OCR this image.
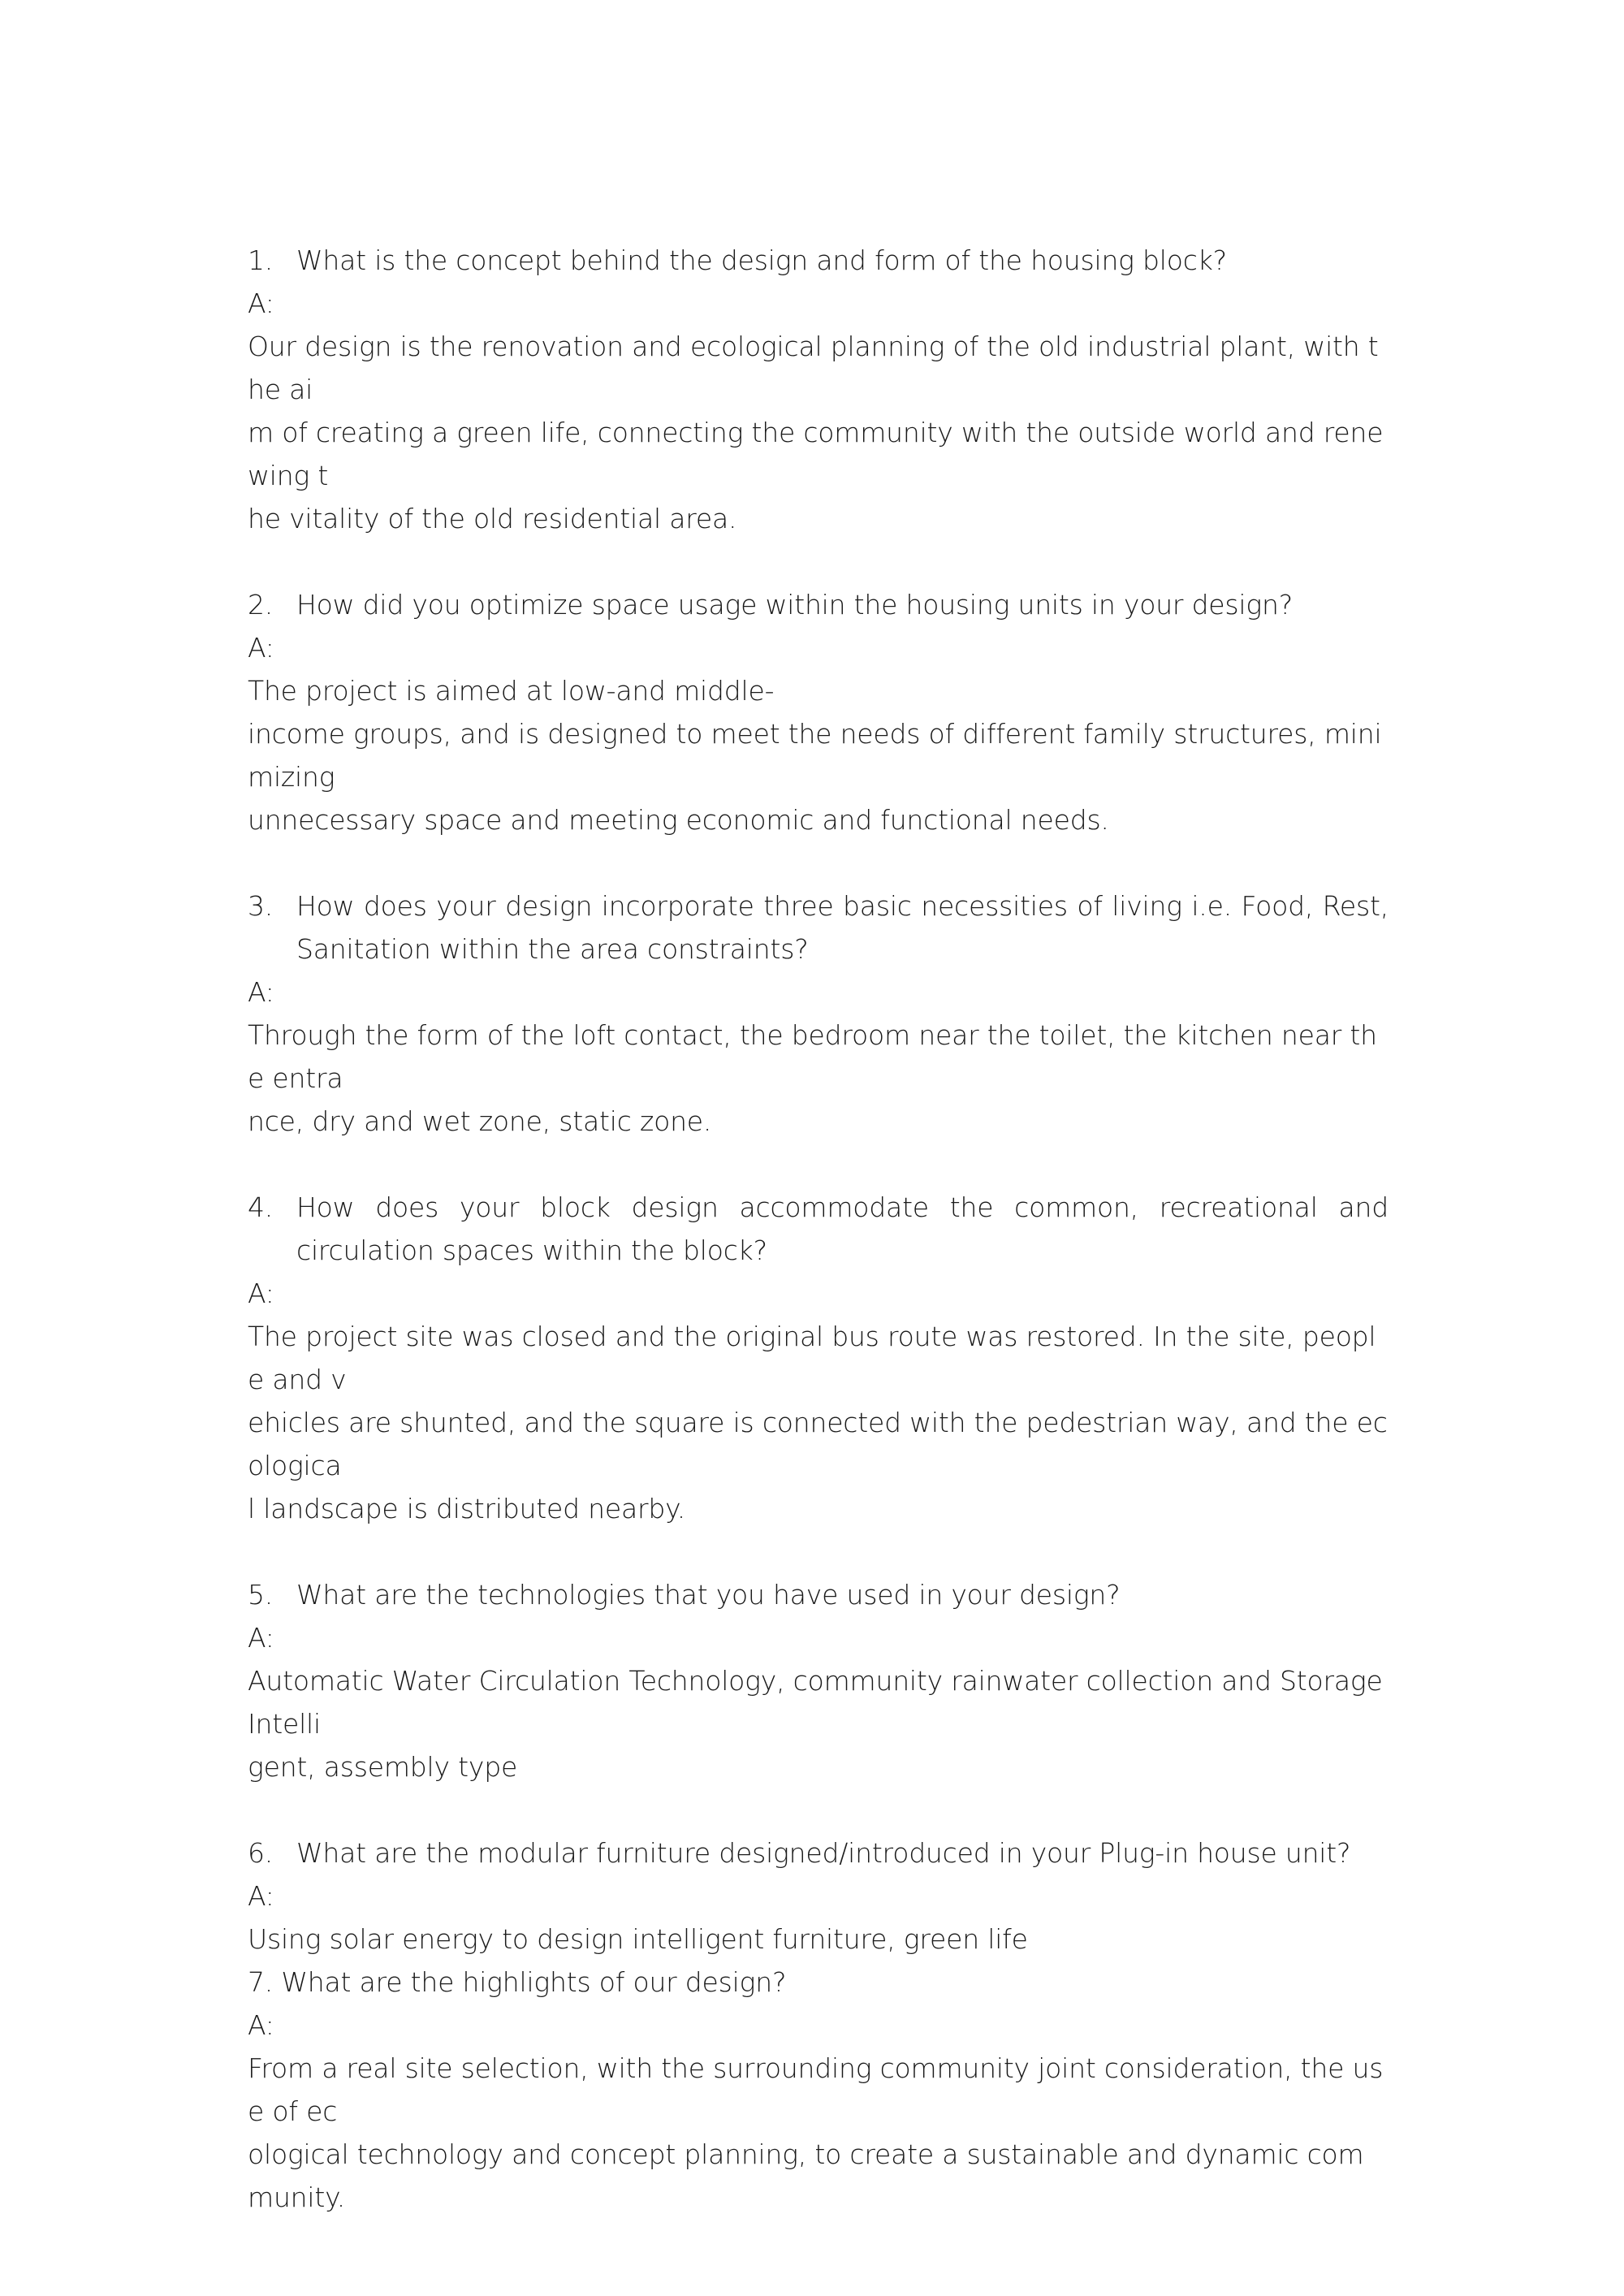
1. What is the concept behind the design and form of the housing block?
A:
Our design is the renovation and ecological planning of the old industrial plant, with the ai
m of creating a green life, connecting the community with the outside world and renewing t
he vitality of the old residential area.
2. How did you optimize space usage within the housing units in your design?
A:
The project is aimed at low-and middle-
income groups, and is designed to meet the needs of different family structures, minimizing
unnecessary space and meeting economic and functional needs.
3. How does your design incorporate three basic necessities of living i.e. Food, Rest, Sanitation within the area constraints?
A:
Through the form of the loft contact, the bedroom near the toilet, the kitchen near the entra
nce, dry and wet zone, static zone.
4. How does your block design accommodate the common, recreational and circulation spaces within the block?
A:
The project site was closed and the original bus route was restored. In the site, people and v
ehicles are shunted, and the square is connected with the pedestrian way, and the ecologica
l landscape is distributed nearby.
5. What are the technologies that you have used in your design?
A:
Automatic Water Circulation Technology, community rainwater collection and Storage Intelli
gent, assembly type
6. What are the modular furniture designed/introduced in your Plug-in house unit?
A:
Using solar energy to design intelligent furniture, green life
7. What are the highlights of our design?
A:
From a real site selection, with the surrounding community joint consideration, the use of ec
ological technology and concept planning, to create a sustainable and dynamic community.
